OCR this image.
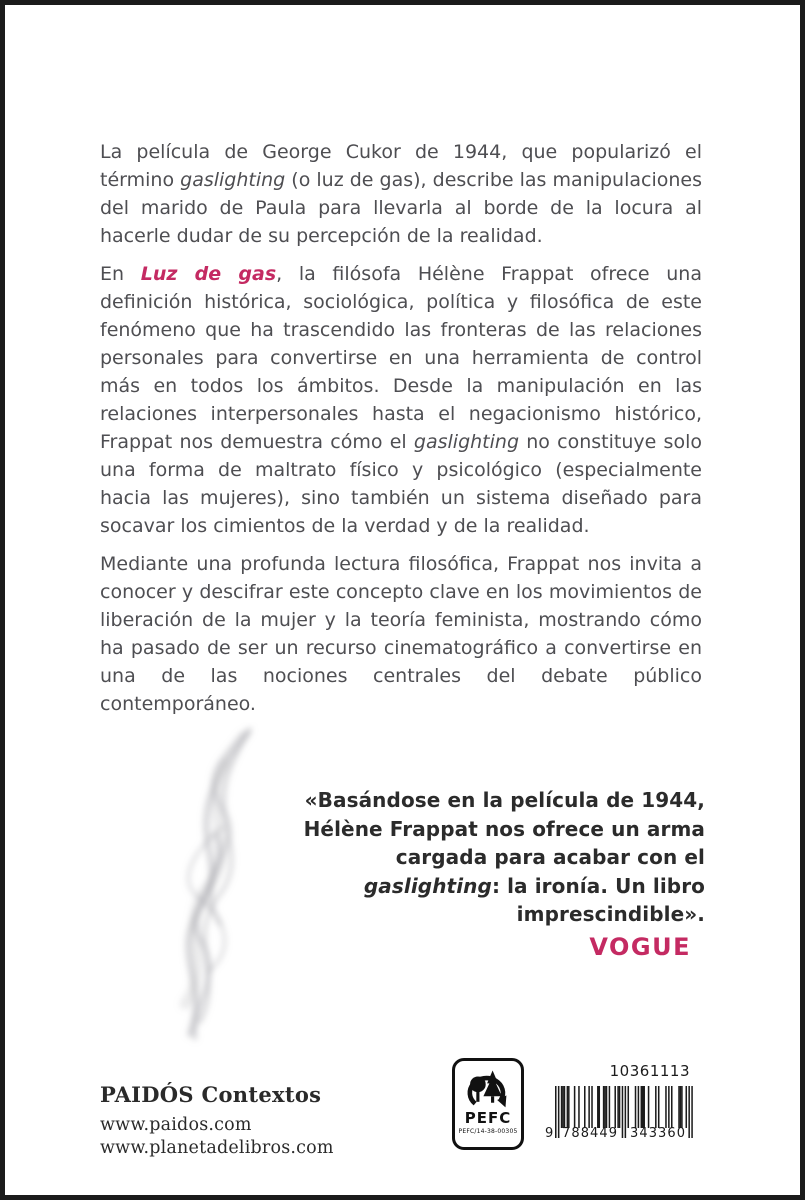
La película de George Cukor de 1944, que popularizó el término gaslighting (o luz de gas), describe las manipulaciones del marido de Paula para llevarla al borde de la locura al hacerle dudar de su percepción de la realidad.

En Luz de gas, la filósofa Hélène Frappat ofrece una definición histórica, sociológica, política y filosófica de este fenómeno que ha trascendido las fronteras de las relaciones personales para convertirse en una herramienta de control más en todos los ámbitos. Desde la manipulación en las relaciones interpersonales hasta el negacionismo histórico, Frappat nos demuestra cómo el gaslighting no constituye solo una forma de maltrato físico y psicológico (especialmente hacia las mujeres), sino también un sistema diseñado para socavar los cimientos de la verdad y de la realidad.

Mediante una profunda lectura filosófica, Frappat nos invita a conocer y descifrar este concepto clave en los movimientos de liberación de la mujer y la teoría feminista, mostrando cómo ha pasado de ser un recurso cinematográfico a convertirse en una de las nociones centrales del debate público contemporáneo.

«Basándose en la película de 1944, Hélène Frappat nos ofrece un arma cargada para acabar con el gaslighting: la ironía. Un libro imprescindible».

VOGUE
PAIDÓS Contextos
www.paidos.com
www.planetadelibros.com
PEFC
PEFC/14-38-00305
10361113
9 7 8 8 4 4 9 3 4 3 3 6 0
